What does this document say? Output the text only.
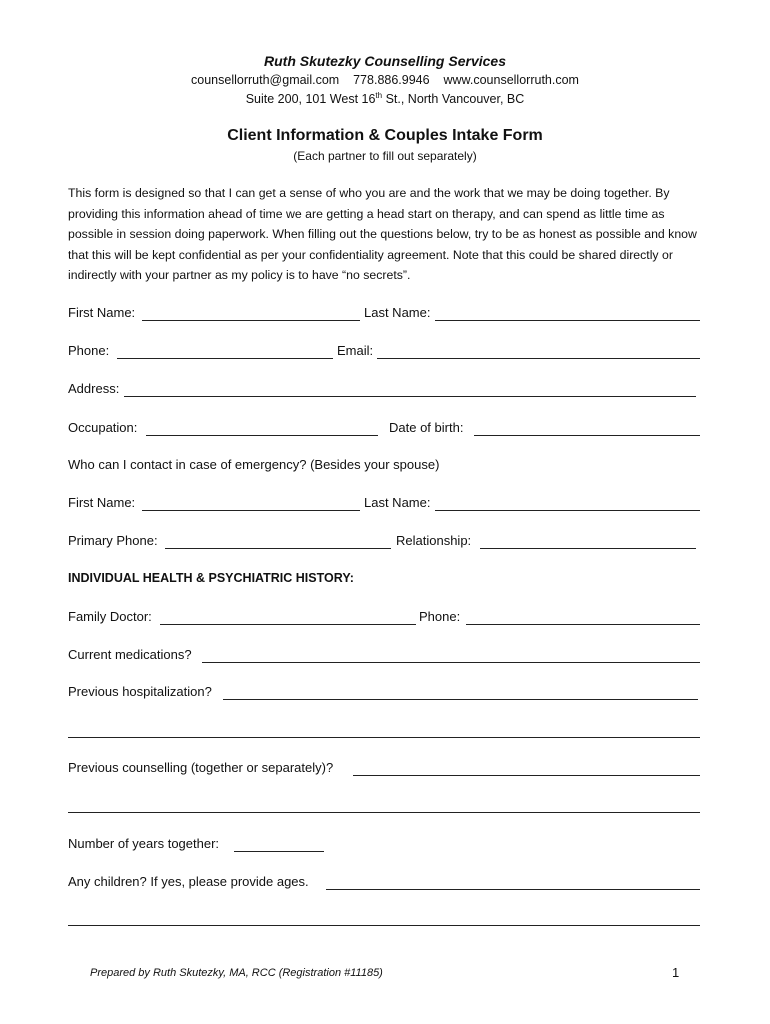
Ruth Skutezky Counselling Services
counsellorruth@gmail.com 778.886.9946 www.counsellorruth.com
Suite 200, 101 West 16th St., North Vancouver, BC
Client Information & Couples Intake Form
(Each partner to fill out separately)
This form is designed so that I can get a sense of who you are and the work that we may be doing together. By providing this information ahead of time we are getting a head start on therapy, and can spend as little time as possible in session doing paperwork. When filling out the questions below, try to be as honest as possible and know that this will be kept confidential as per your confidentiality agreement. Note that this could be shared directly or indirectly with your partner as my policy is to have “no secrets”.
First Name:	Last Name:
Phone:	Email:
Address:
Occupation:	Date of birth:
Who can I contact in case of emergency? (Besides your spouse)
First Name:	Last Name:
Primary Phone:	Relationship:
INDIVIDUAL HEALTH & PSYCHIATRIC HISTORY:
Family Doctor:	Phone:
Current medications?
Previous hospitalization?
Previous counselling (together or separately)?
Number of years together:
Any children? If yes, please provide ages.
Prepared by Ruth Skutezky, MA, RCC (Registration #11185)	1
